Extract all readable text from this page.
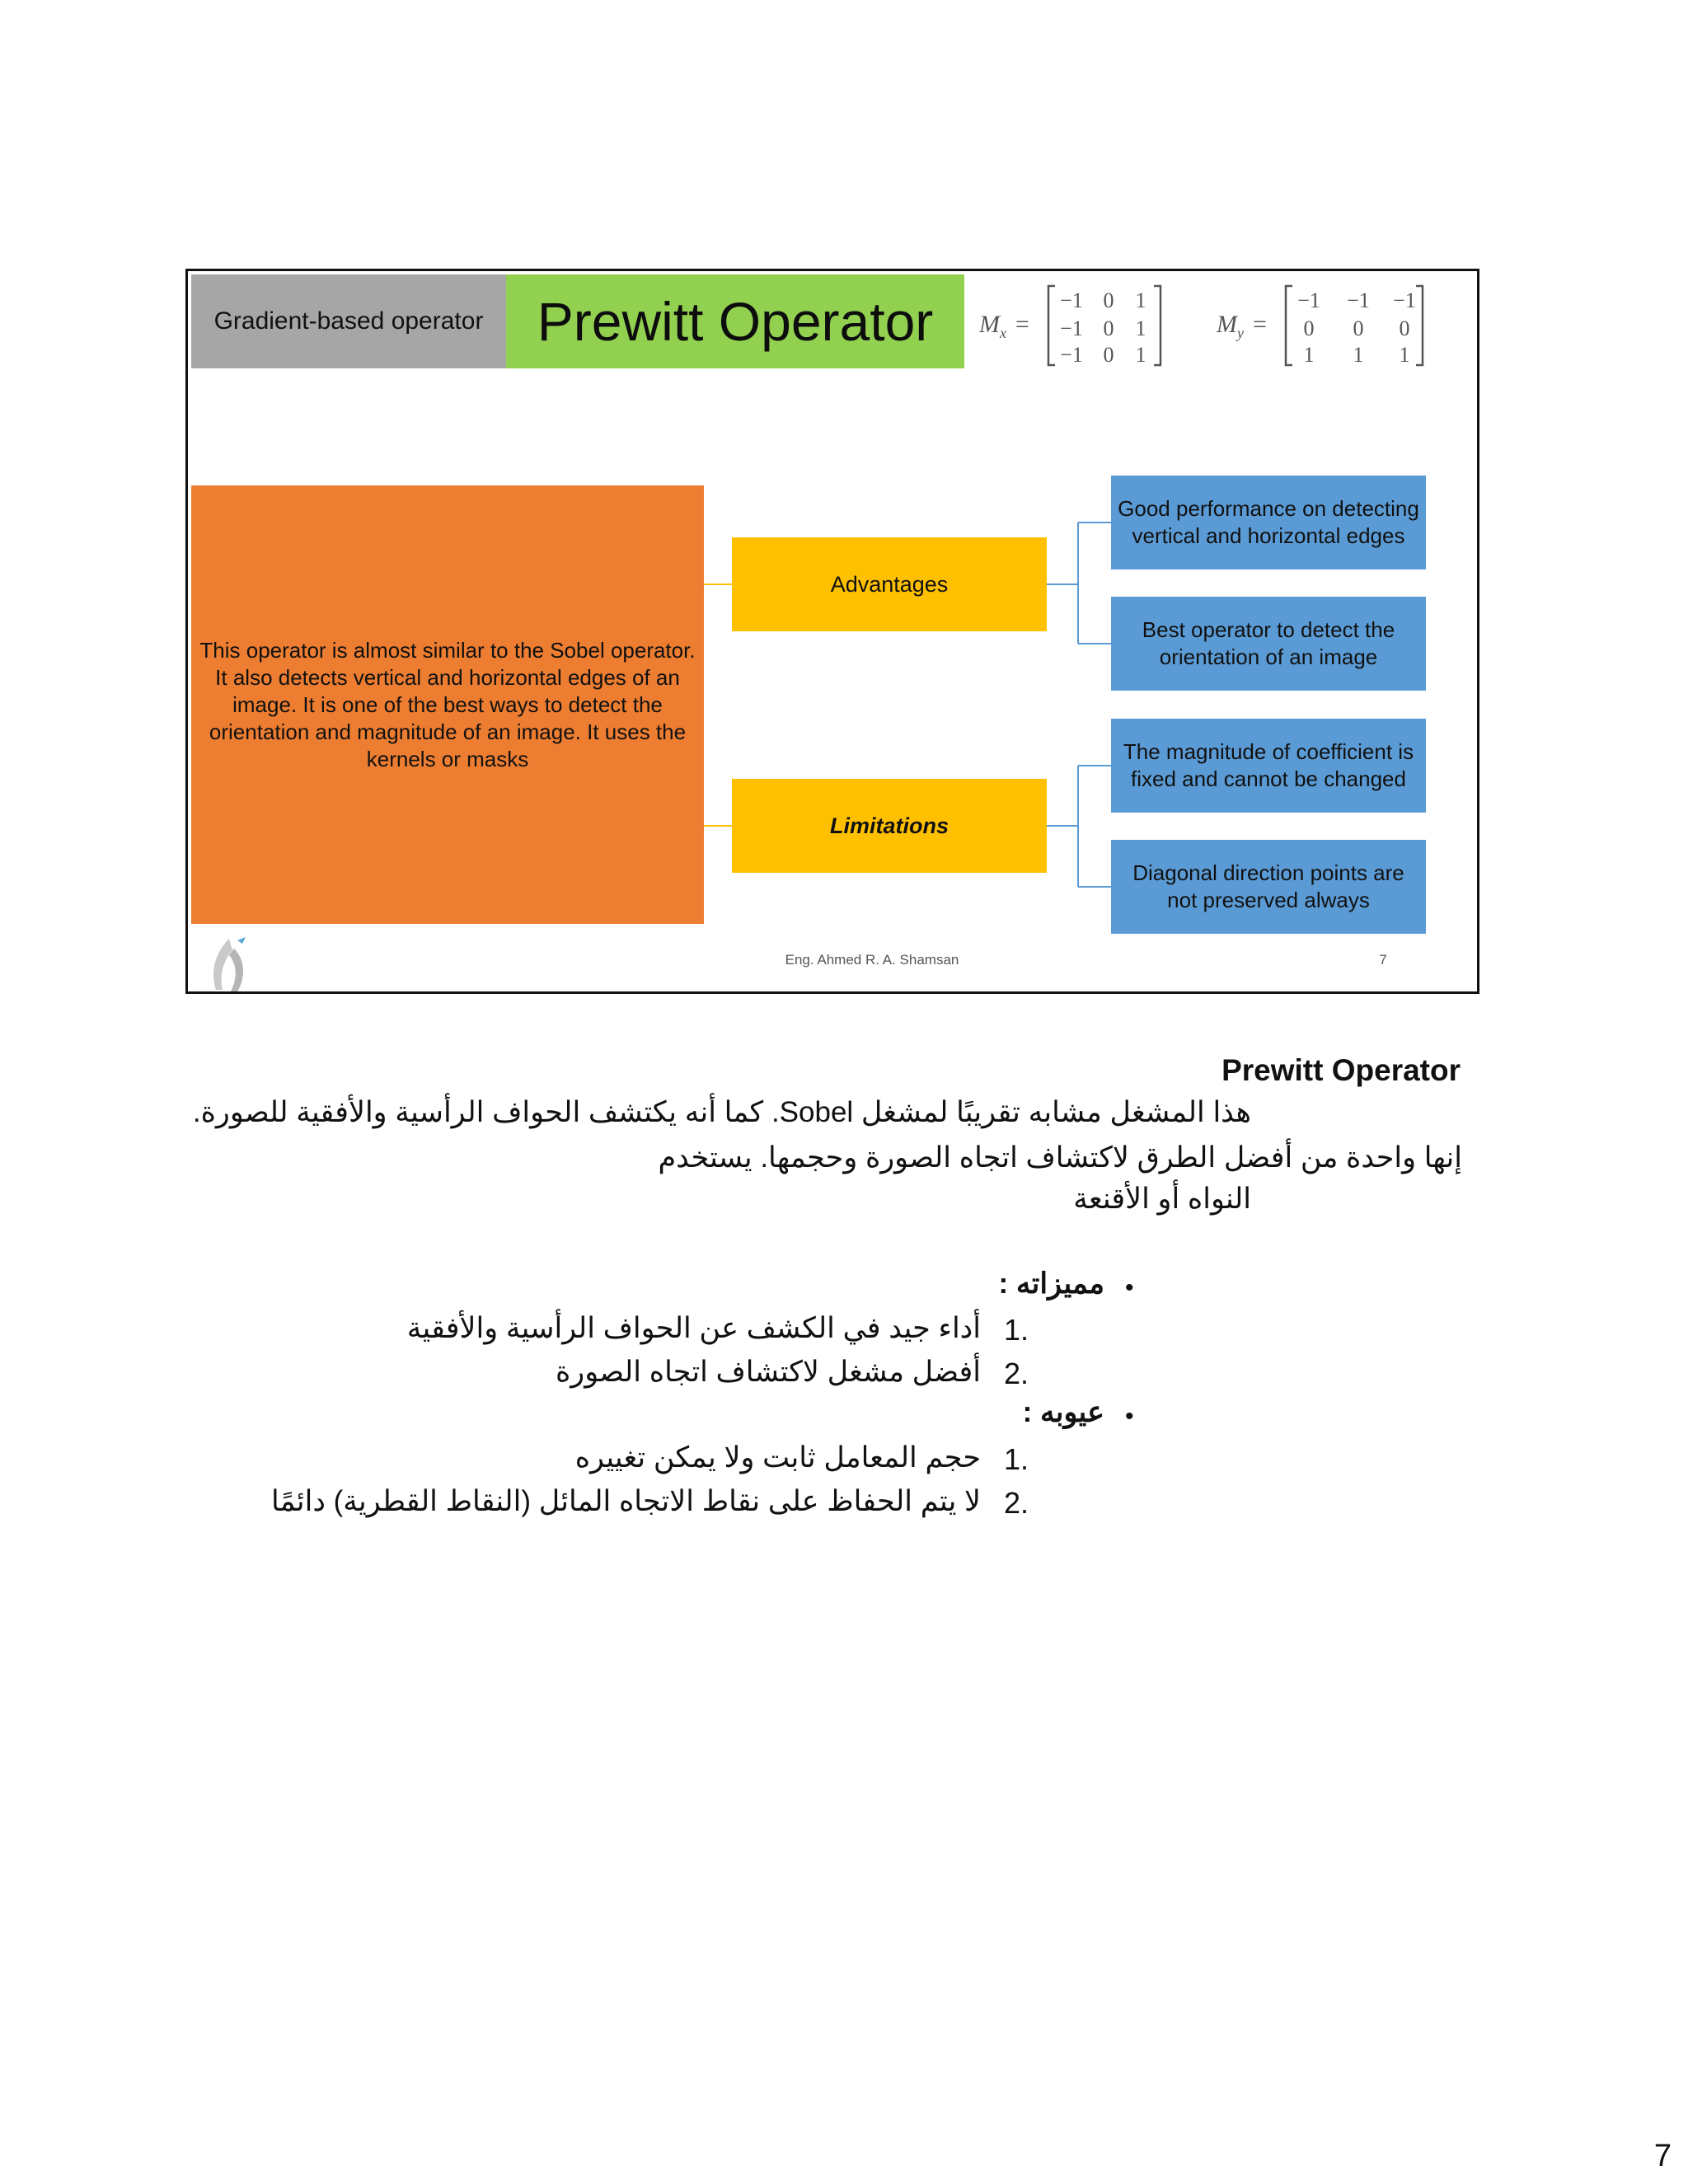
Gradient-based operator Prewitt Operator	M x =
−1 0 1
−1 0 1
−1 0 1
M y =
−1 −1 −1
0 0 0
1 1 1
This operator is almost similar to the Sobel operator. It also detects vertical and horizontal edges of an image. It is one of the best ways to detect the orientation and magnitude of an image. It uses the kernels or masks
Advantages
Limitations
Good performance on detecting vertical and horizontal edges
Best operator to detect the orientation of an image
The magnitude of coefficient is fixed and cannot be changed
Diagonal direction points are not preserved always
Eng. Ahmed R. A. Shamsan	7
Prewitt Operator
هذا المشغل مشابه تقريبًا لمشغل Sobel. كما أنه يكتشف الحواف الرأسية والأفقية للصورة.
إنها واحدة من أفضل الطرق لاكتشاف اتجاه الصورة وحجمها. يستخدم
النواه أو الأقنعة
•
مميزاته :
1.
أداء جيد في الكشف عن الحواف الرأسية والأفقية
2.
أفضل مشغل لاكتشاف اتجاه الصورة
•
عيوبه :
1.
حجم المعامل ثابت ولا يمكن تغييره
2.
لا يتم الحفاظ على نقاط الاتجاه المائل (النقاط القطرية) دائمًا
7
